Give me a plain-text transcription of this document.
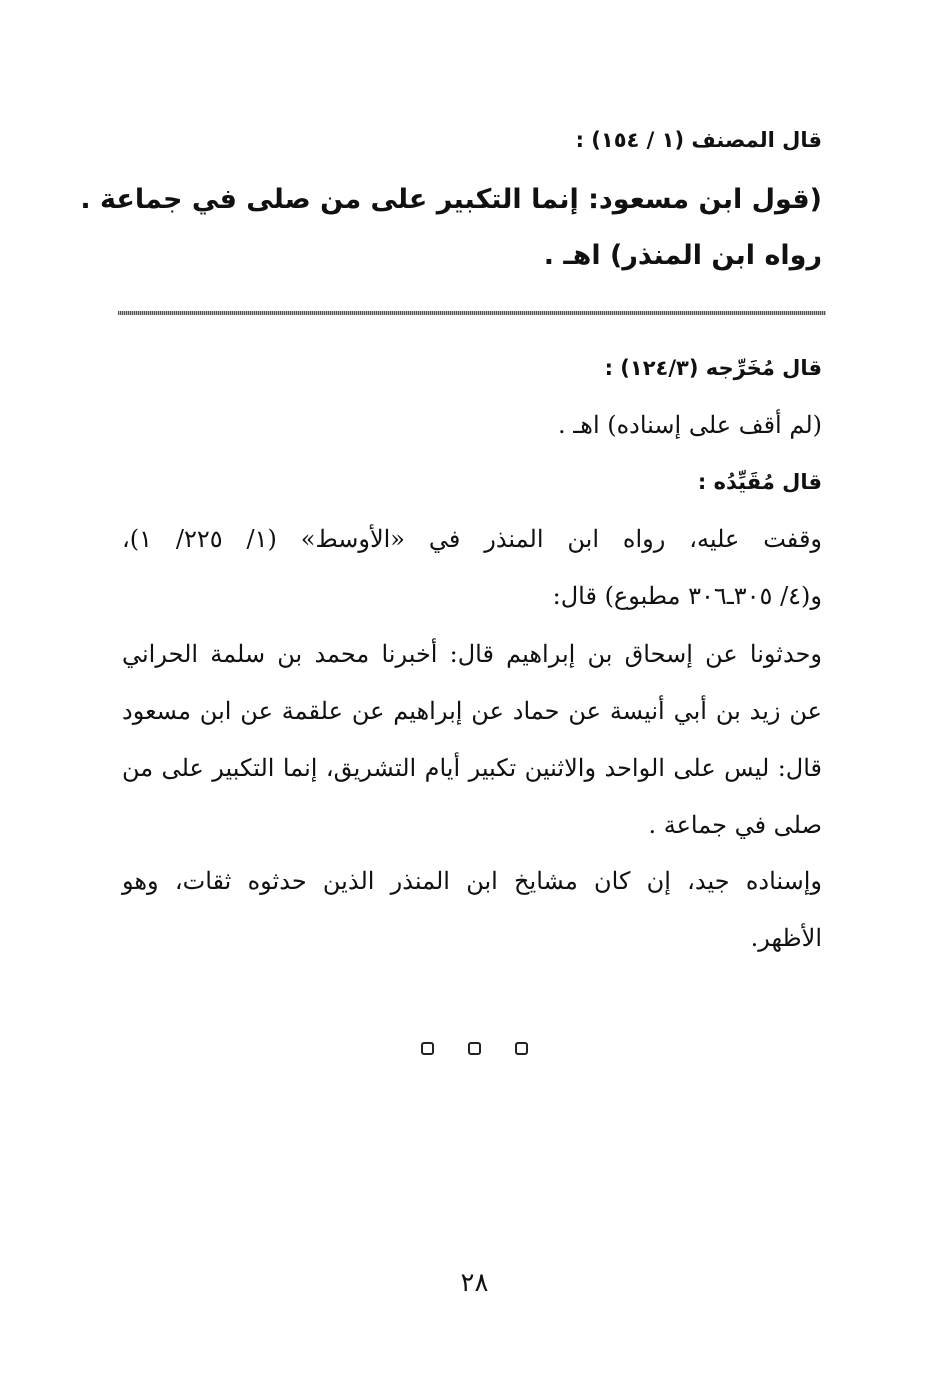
قال المصنف (١ / ١٥٤) :
(قول ابن مسعود: إنما التكبير على من صلى في جماعة .
رواه ابن المنذر) اهـ .
قال مُخَرِّجه (١٢٤/٣) :
(لم أقف على إسناده) اهـ .
قال مُقَيِّدُه :
وقفت عليه، رواه ابن المنذر في «الأوسط» (١/ ٢٢٥/ ١)،
و(٤/ ٣٠٥ـ٣٠٦ مطبوع) قال:
وحدثونا عن إسحاق بن إبراهيم قال: أخبرنا محمد بن سلمة الحراني
عن زيد بن أبي أنيسة عن حماد عن إبراهيم عن علقمة عن ابن مسعود
قال: ليس على الواحد والاثنين تكبير أيام التشريق، إنما التكبير على من
صلى في جماعة .
وإسناده جيد، إن كان مشايخ ابن المنذر الذين حدثوه ثقات، وهو
الأظهر.
٢٨
